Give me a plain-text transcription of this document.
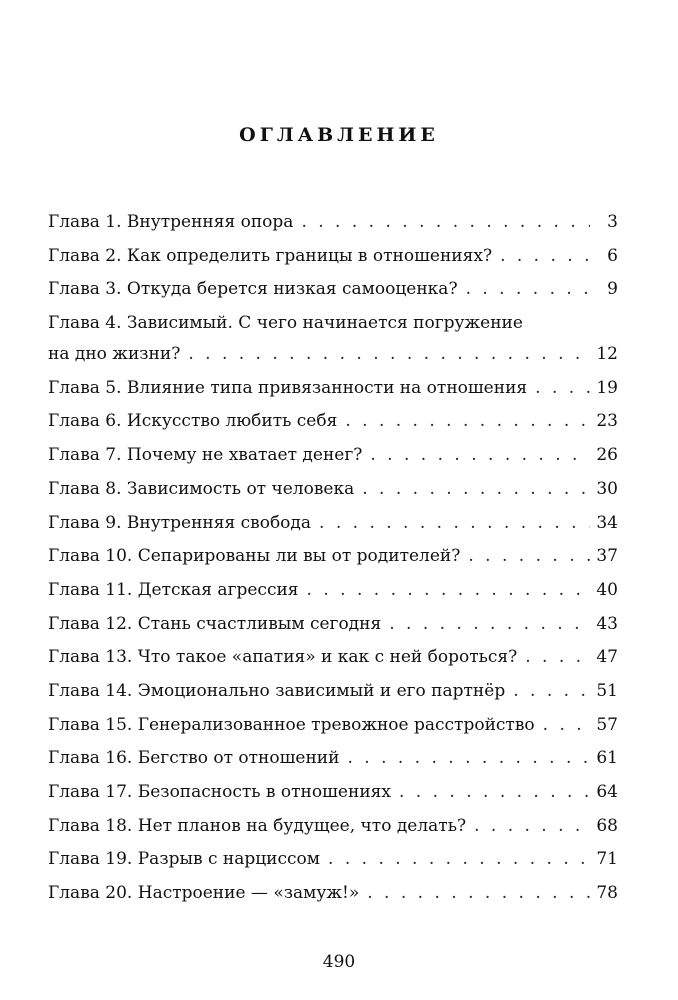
ОГЛАВЛЕНИЕ
Глава 1. Внутренняя опора . . .	3
Глава 2. Как определить границы в отношениях? . . .	6
Глава 3. Откуда берется низкая самооценка? . . .	9
Глава 4. Зависимый. С чего начинается погружение
на дно жизни? . . .	12
Глава 5. Влияние типа привязанности на отношения . . .	19
Глава 6. Искусство любить себя . . .	23
Глава 7. Почему не хватает денег? . . .	26
Глава 8. Зависимость от человека . . .	30
Глава 9. Внутренняя свобода . . .	34
Глава 10. Сепарированы ли вы от родителей? . . .	37
Глава 11. Детская агрессия . . .	40
Глава 12. Стань счастливым сегодня . . .	43
Глава 13. Что такое «апатия» и как с ней бороться? . . .	47
Глава 14. Эмоционально зависимый и его партнёр . . .	51
Глава 15. Генерализованное тревожное расстройство . . .	57
Глава 16. Бегство от отношений . . .	61
Глава 17. Безопасность в отношениях . . .	64
Глава 18. Нет планов на будущее, что делать? . . .	68
Глава 19. Разрыв с нарциссом . . .	71
Глава 20. Настроение — «замуж!» . . .	78
490
